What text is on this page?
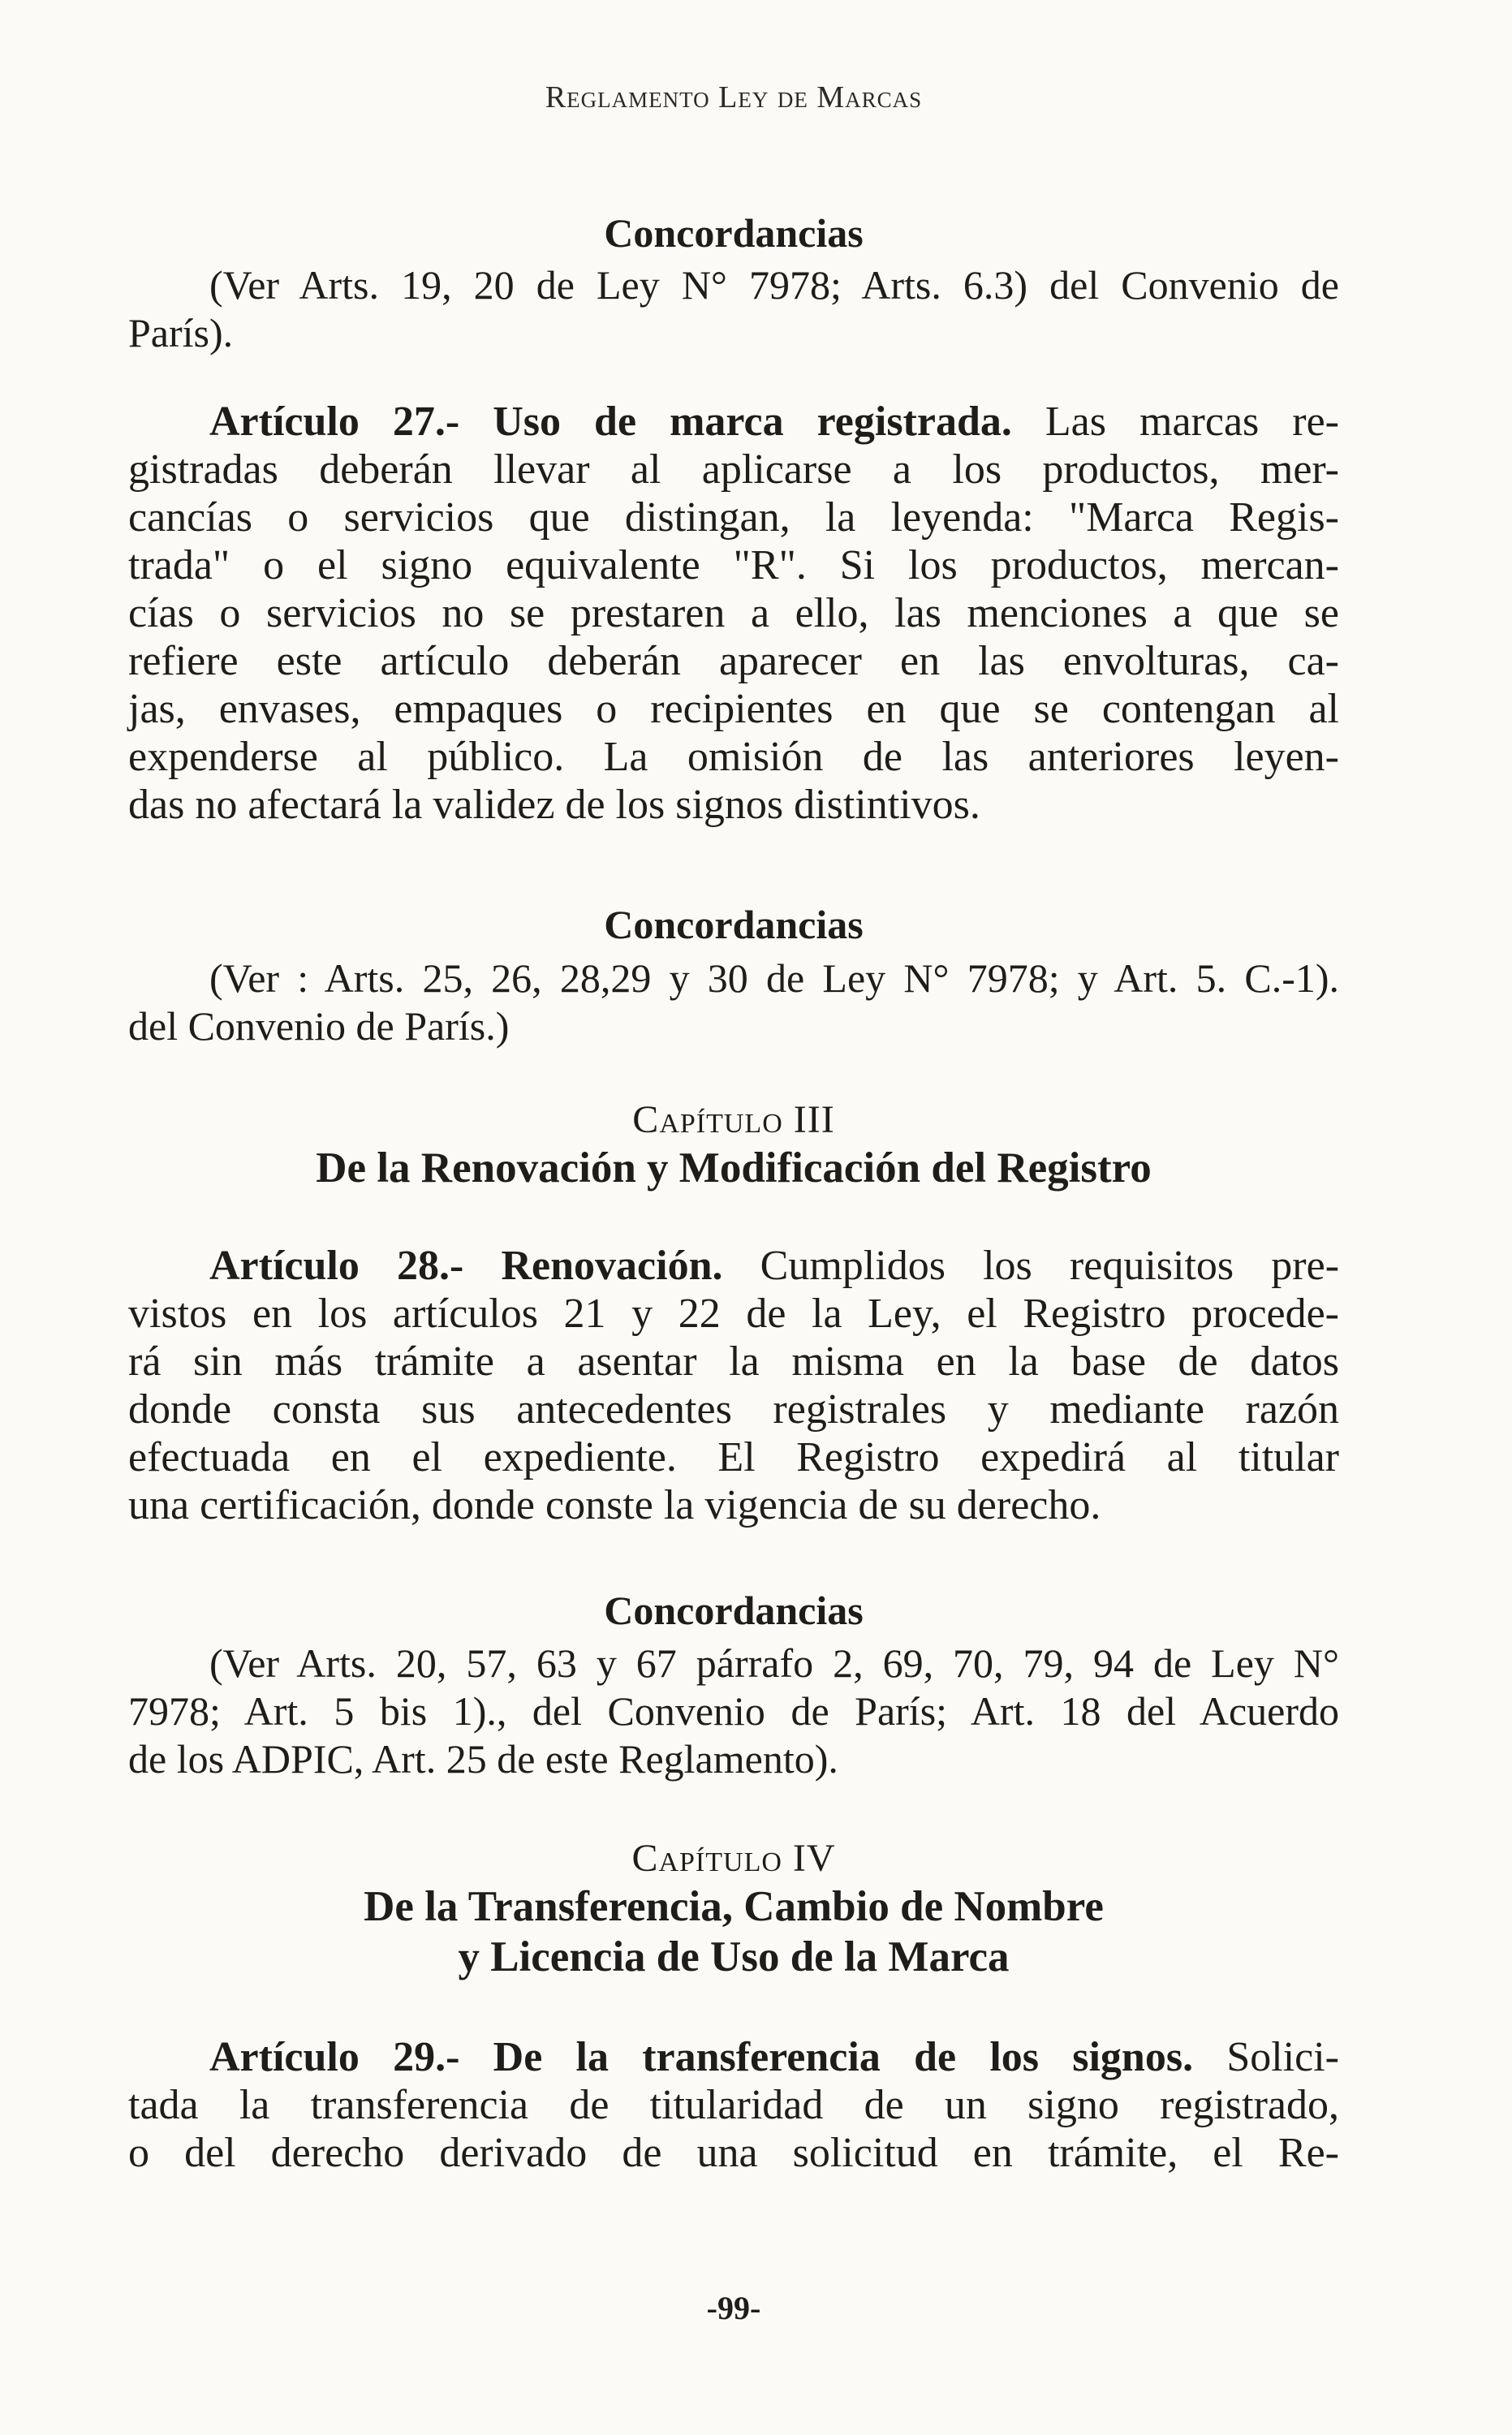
Reglamento Ley de Marcas
Concordancias
(Ver Arts. 19, 20 de Ley N° 7978; Arts. 6.3) del Convenio de
París).
Artículo 27.- Uso de marca registrada. Las marcas re-
gistradas deberán llevar al aplicarse a los productos, mer-
cancías o servicios que distingan, la leyenda: "Marca Regis-
trada" o el signo equivalente "R". Si los productos, mercan-
cías o servicios no se prestaren a ello, las menciones a que se
refiere este artículo deberán aparecer en las envolturas, ca-
jas, envases, empaques o recipientes en que se contengan al
expenderse al público. La omisión de las anteriores leyen-
das no afectará la validez de los signos distintivos.
Concordancias
(Ver : Arts. 25, 26, 28,29 y 30 de Ley N° 7978; y Art. 5. C.-1).
del Convenio de París.)
Capítulo III
De la Renovación y Modificación del Registro
Artículo 28.- Renovación. Cumplidos los requisitos pre-
vistos en los artículos 21 y 22 de la Ley, el Registro procede-
rá sin más trámite a asentar la misma en la base de datos
donde consta sus antecedentes registrales y mediante razón
efectuada en el expediente. El Registro expedirá al titular
una certificación, donde conste la vigencia de su derecho.
Concordancias
(Ver Arts. 20, 57, 63 y 67 párrafo 2, 69, 70, 79, 94 de Ley N°
7978; Art. 5 bis 1)., del Convenio de París; Art. 18 del Acuerdo
de los ADPIC, Art. 25 de este Reglamento).
Capítulo IV
De la Transferencia, Cambio de Nombre
y Licencia de Uso de la Marca
Artículo 29.- De la transferencia de los signos. Solici-
tada la transferencia de titularidad de un signo registrado,
o del derecho derivado de una solicitud en trámite, el Re-
-99-
